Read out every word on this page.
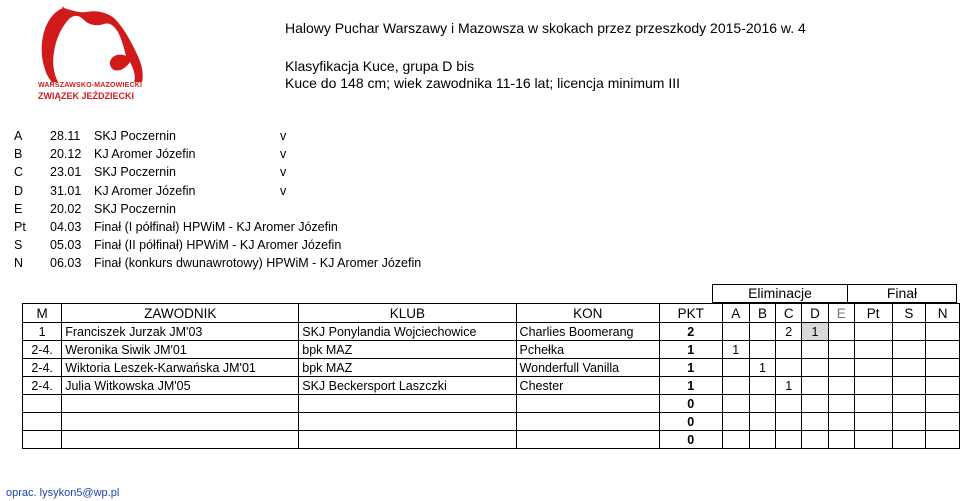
WARSZAWSKO-MAZOWIECKI
ZWIĄZEK JEŹDZIECKI
Halowy Puchar Warszawy i Mazowsza w skokach przez przeszkody 2015-2016 w. 4
Klasyfikacja Kuce, grupa D bis
Kuce do 148 cm; wiek zawodnika 11-16 lat; licencja minimum III
A	28.11	SKJ Poczernin	v
B	20.12	KJ Aromer Józefin	v
C	23.01	SKJ Poczernin	v
D	31.01	KJ Aromer Józefin	v
E	20.02	SKJ Poczernin
Pt	04.03	Finał (I półfinał) HPWiM - KJ Aromer Józefin
S	05.03	Finał (II półfinał) HPWiM - KJ Aromer Józefin
N	06.03	Finał (konkurs dwunawrotowy) HPWiM - KJ Aromer Józefin
Eliminacje	Finał
M	ZAWODNIK	KLUB	KON	PKT	A	B	C	D	E	Pt	S	N
1	Franciszek Jurzak JM'03	SKJ Ponylandia Wojciechowice	Charlies Boomerang	2			2	1				
2-4.	Weronika Siwik JM'01	bpk MAZ	Pchełka	1	1							
2-4.	Wiktoria Leszek-Karwańska JM'01	bpk MAZ	Wonderfull Vanilla	1		1						
2-4.	Julia Witkowska JM'05	SKJ Beckersport Laszczki	Chester	1			1					
				0								
				0								
				0								
oprac. lysykon5@wp.pl
